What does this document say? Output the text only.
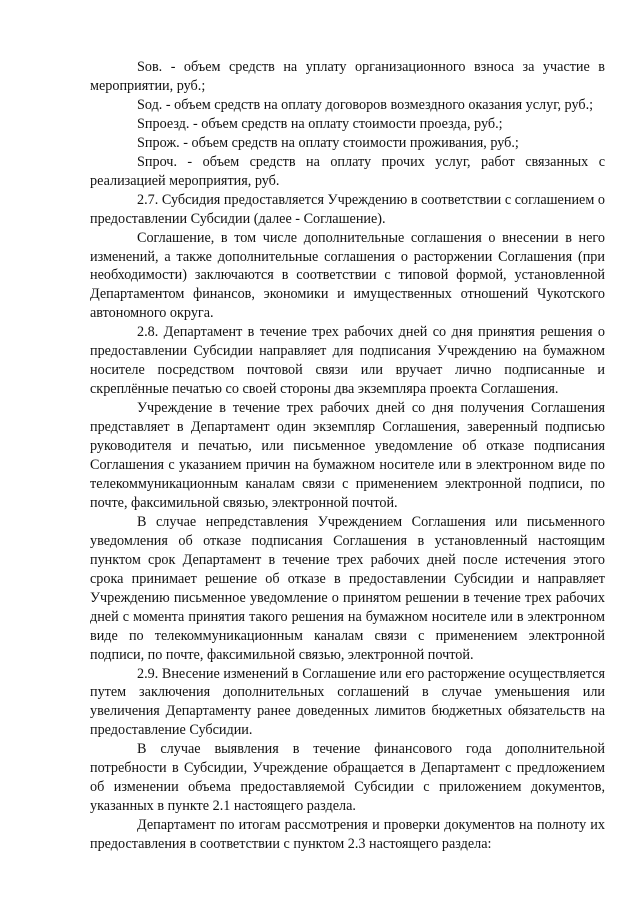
Sов. - объем средств на уплату организационного взноса за участие в мероприятии, руб.;

Sод. - объем средств на оплату договоров возмездного оказания услуг, руб.;

Sпроезд. - объем средств на оплату стоимости проезда, руб.;

Sпрож. - объем средств на оплату стоимости проживания, руб.;

Sпроч. - объем средств на оплату прочих услуг, работ связанных с реализацией мероприятия, руб.

2.7. Субсидия предоставляется Учреждению в соответствии с соглашением о предоставлении Субсидии (далее - Соглашение).

Соглашение, в том числе дополнительные соглашения о внесении в него изменений, а также дополнительные соглашения о расторжении Соглашения (при необходимости) заключаются в соответствии с типовой формой, установленной Департаментом финансов, экономики и имущественных отношений Чукотского автономного округа.

2.8. Департамент в течение трех рабочих дней со дня принятия решения о предоставлении Субсидии направляет для подписания Учреждению на бумажном носителе посредством почтовой связи или вручает лично подписанные и скреплённые печатью со своей стороны два экземпляра проекта Соглашения.

Учреждение в течение трех рабочих дней со дня получения Соглашения представляет в Департамент один экземпляр Соглашения, заверенный подписью руководителя и печатью, или письменное уведомление об отказе подписания Соглашения с указанием причин на бумажном носителе или в электронном виде по телекоммуникационным каналам связи с применением электронной подписи, по почте, факсимильной связью, электронной почтой.

В случае непредставления Учреждением Соглашения или письменного уведомления об отказе подписания Соглашения в установленный настоящим пунктом срок Департамент в течение трех рабочих дней после истечения этого срока принимает решение об отказе в предоставлении Субсидии и направляет Учреждению письменное уведомление о принятом решении в течение трех рабочих дней с момента принятия такого решения на бумажном носителе или в электронном виде по телекоммуникационным каналам связи с применением электронной подписи, по почте, факсимильной связью, электронной почтой.

2.9. Внесение изменений в Соглашение или его расторжение осуществляется путем заключения дополнительных соглашений в случае уменьшения или увеличения Департаменту ранее доведенных лимитов бюджетных обязательств на предоставление Субсидии.

В случае выявления в течение финансового года дополнительной потребности в Субсидии, Учреждение обращается в Департамент с предложением об изменении объема предоставляемой Субсидии с приложением документов, указанных в пункте 2.1 настоящего раздела.

Департамент по итогам рассмотрения и проверки документов на полноту их предоставления в соответствии с пунктом 2.3 настоящего раздела:
